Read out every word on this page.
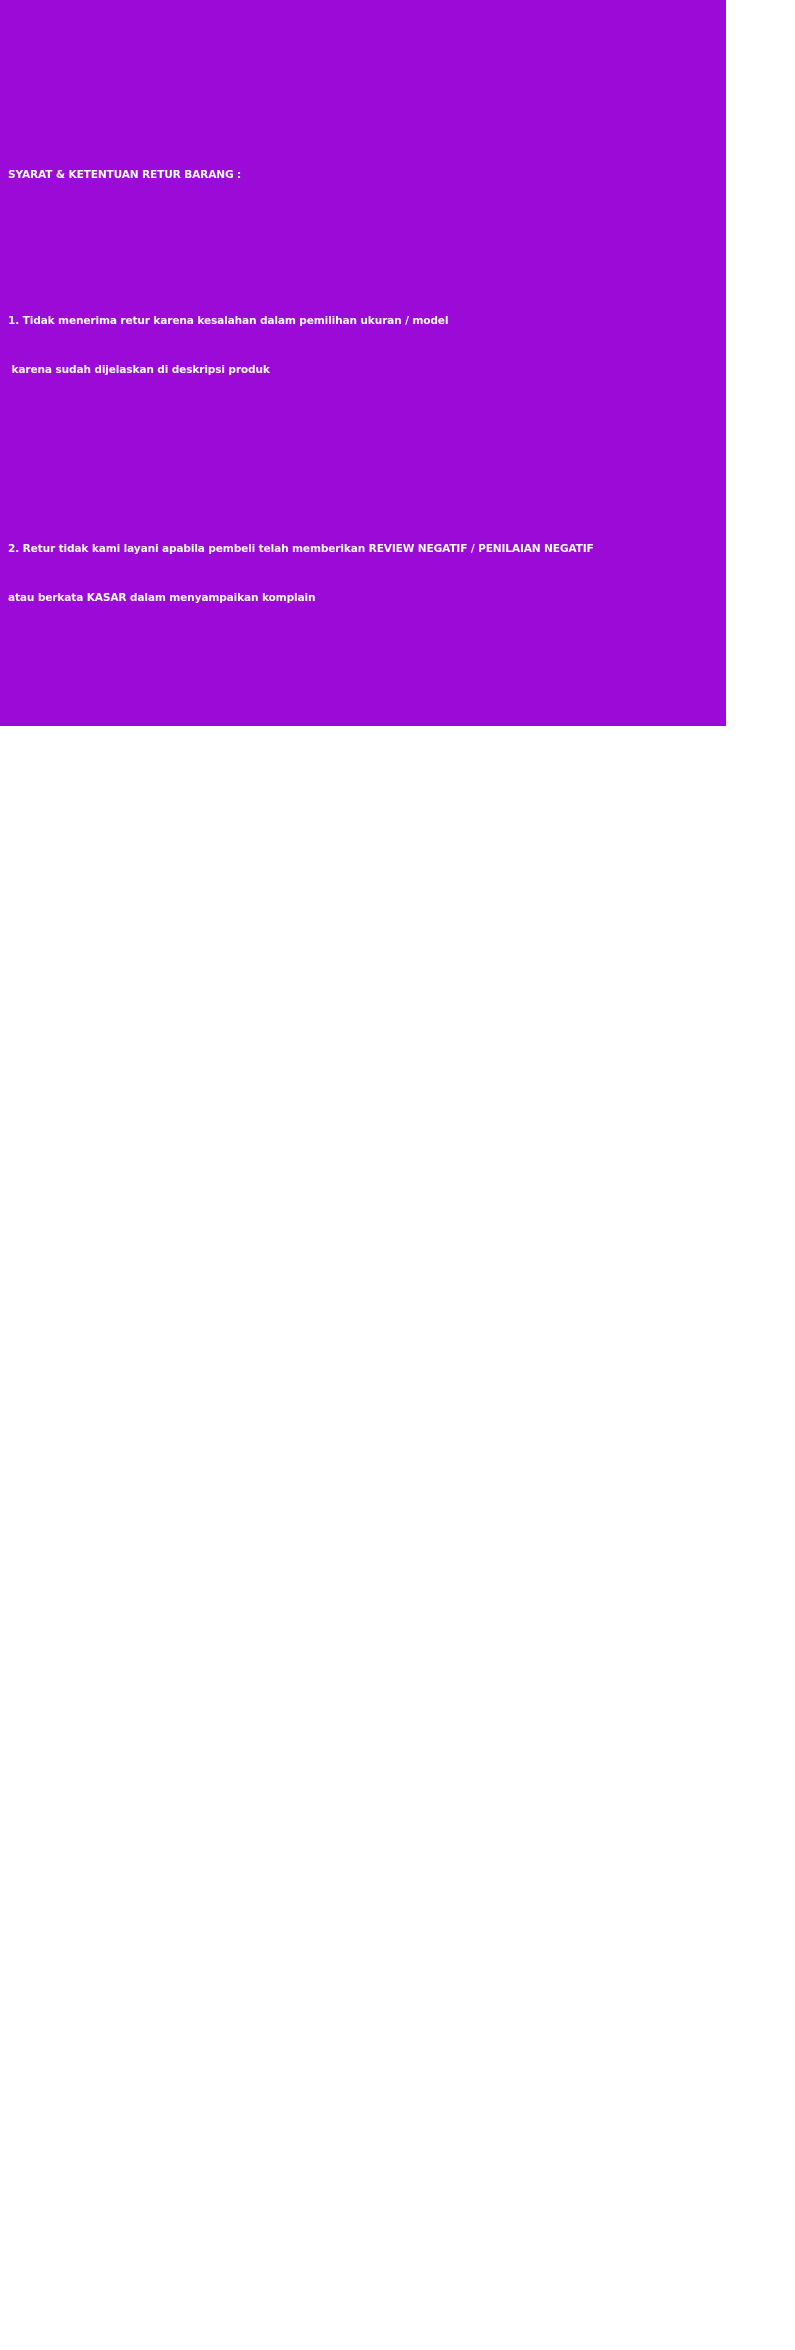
SYARAT & KETENTUAN RETUR BARANG :

1. Tidak menerima retur karena kesalahan dalam pemilihan ukuran / model

karena sudah dijelaskan di deskripsi produk

2. Retur tidak kami layani apabila pembeli telah memberikan REVIEW NEGATIF / PENILAIAN NEGATIF

atau berkata KASAR dalam menyampaikan komplain

3. WAJIB menyertakan VIDEO UNBOXING PAKET (Tanpa Edit, Cut & packingan awal dari kami dengan jelas

sebelum paket dibuka) dan FOTO PAKET awal barang saat diterima (Seperti dengan bubble wrap, kardus, plastik, atau pelindung lain

4.Komplain diterima paling lambat 1 x 24 jam setelah barang diterima ( berdasarkan waktu dalam tracking online, BUKAN WAKTU KLA

Apabila lebih dari 1 x 24 jam kami tidak menerima komplain apapun, karena dianggap barang sudah pernah dipakai. Barang yang dik

TIDAK boleh dipakai / dicoba. Apabila barang sudah dipakai / dicoba, kami TIDAK akan memproses komplain Anda

5. Sampaikan komplain melalui chat kami. Kami TIDAK melayani komplain via diskusi / ulasan / live. Mohon untuk saling menghargai

6. Jika retur sudah ACC dari pihak kami, kirimkan kembali barang yang akan diretur ke alamat kami dengan packingan yg rapih & kir

bukti resi paketnya ke Chat kami (batas waktu kirim 1x24 jam dari ACC retur).

07. Jika paket yang diretur telah kami terima, kami akan kirimkan produk yang sudah sesuai dengan pesanan pembeli.

Ongkir ditanggung pihak kami.

8. Mohon sabar dan tidak melakukan SPAM.

9. Kami mohon maaf apabila terjadi kelalaian dari pihak kami, tidak ada unsur kesengajaan untuk mengirim barang yang rusak.

10. Jika syarat video & ketentuan yang kami minta tidak sesuai maka kami tidak akan memproses retur.
